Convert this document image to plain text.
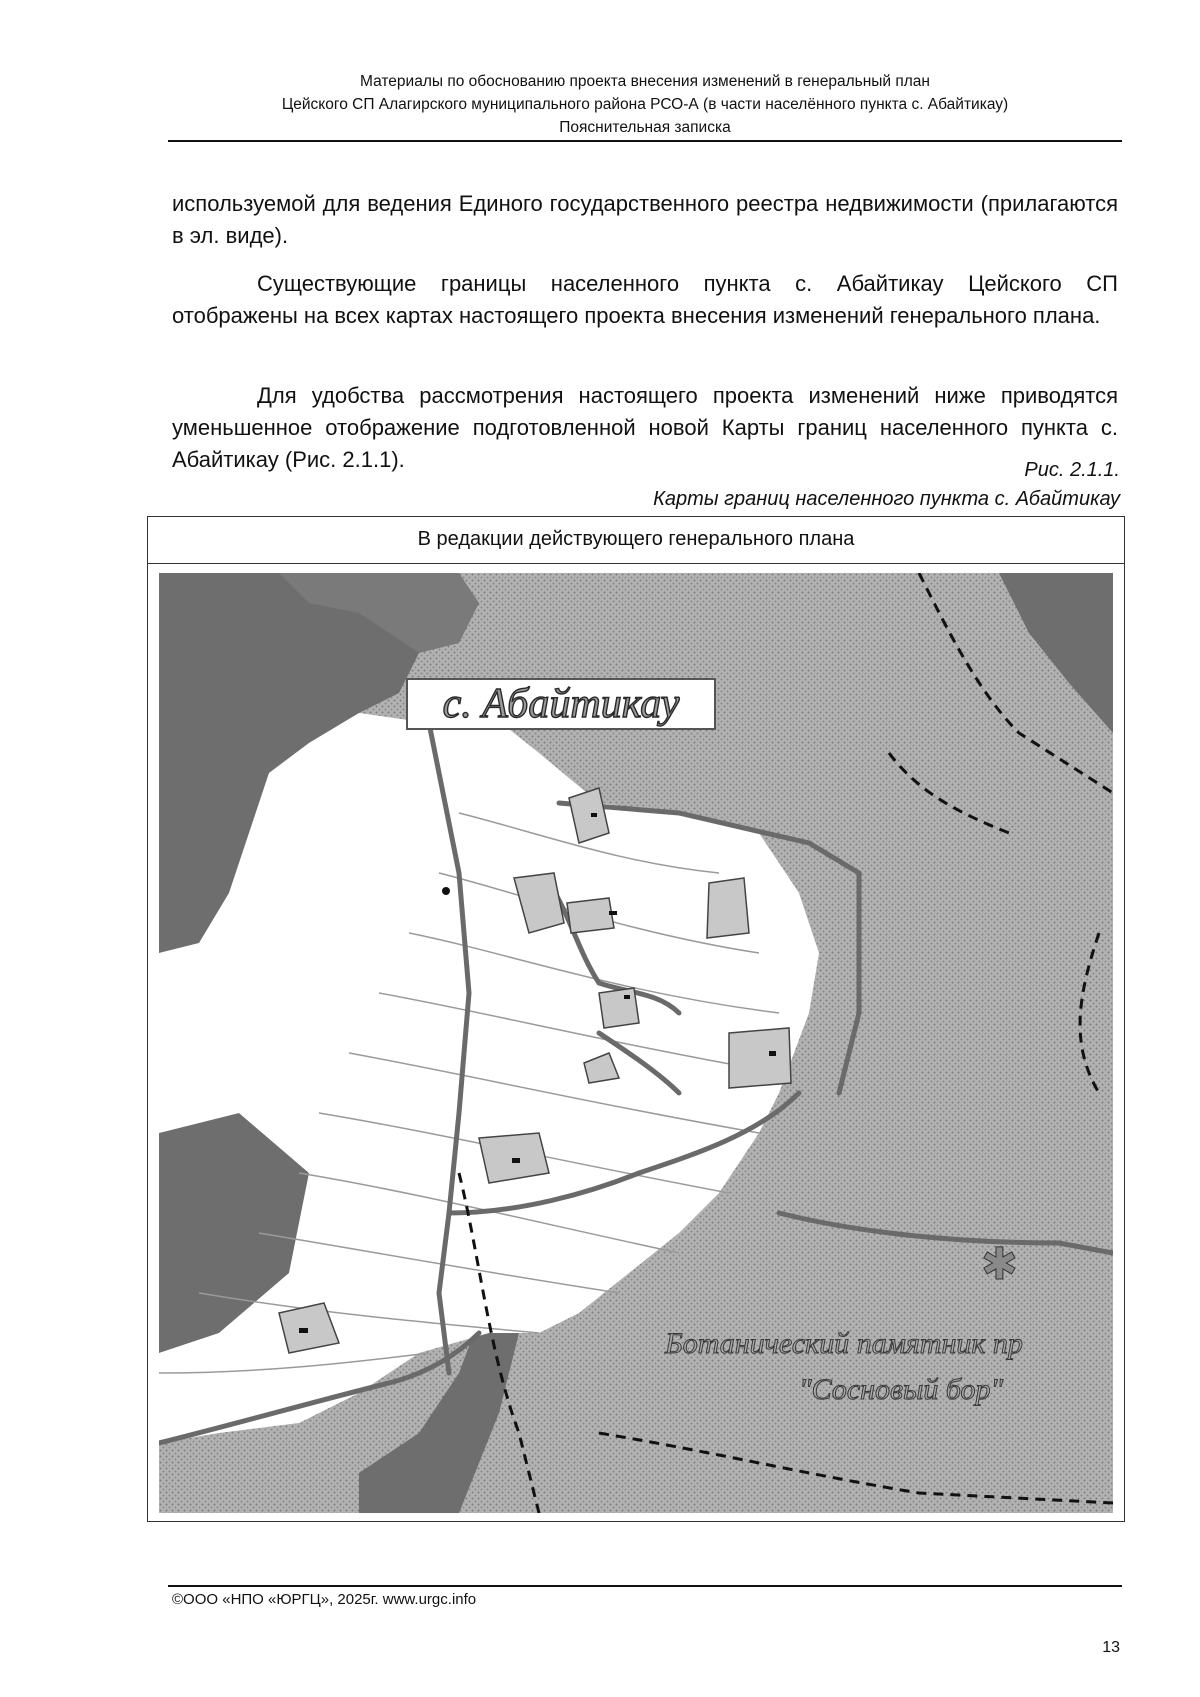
Материалы по обоснованию проекта внесения изменений в генеральный план
Цейского СП Алагирского муниципального района РСО-А (в части населённого пункта с. Абайтикау)
Пояснительная записка

используемой для ведения Единого государственного реестра недвижимости (прилагаются в эл. виде).

Существующие границы населенного пункта с. Абайтикау Цейского СП отображены на всех картах настоящего проекта внесения изменений генерального плана.

Для удобства рассмотрения настоящего проекта изменений ниже приводятся уменьшенное отображение подготовленной новой Карты границ населенного пункта с. Абайтикау (Рис. 2.1.1).	Рис. 2.1.1.
Карты границ населенного пункта с. Абайтикау
В редакции действующего генерального плана
с. Абайтикау
✱
Ботанический памятник пр
"Сосновый бор"
©ООО «НПО «ЮРГЦ», 2025г. www.urgc.info
13
